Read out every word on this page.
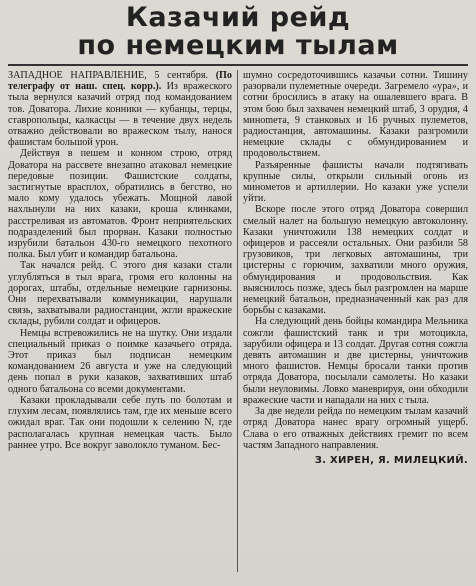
Казачий рейд
по немецким тылам

ЗАПАДНОЕ НАПРАВЛЕНИЕ, 5 сентября. (По телеграфу от наш. спец. корр.). Из вражеского тыла вернулся казачий отряд под командованием тов. Доватора. Лихие конники — кубанцы, терцы, ставропольцы, калкасцы — в течение двух недель отважно действовали во вражеском тылу, нанося фашистам большой урон.

Действуя в пешем и конном строю, отряд Доватора на рассвете внезапно атаковал немецкие передовые позиции. Фашистские солдаты, застигнутые врасплох, обратились в бегство, но мало кому удалось убежать. Мощной лавой нахлынули на них казаки, кроша клинками, расстреливая из автоматов. Фронт неприятельских подразделений был прорван. Казаки полностью изрубили батальон 430-го немецкого пехотного полка. Был убит и командир батальона.

Так начался рейд. С этого дня казаки стали углубляться в тыл врага, громя его колонны на дорогах, штабы, отдельные немецкие гарнизоны. Они перехватывали коммуникации, нарушали связь, захватывали радиостанции, жгли вражеские склады, рубили солдат и офицеров.

Немцы встревожились не на шутку. Они издали специальный приказ о поимке казачьего отряда. Этот приказ был подписан немецким командованием 26 августа и уже на следующий день попал в руки казаков, захвативших штаб одного батальона со всеми документами.

Казаки прокладывали себе путь по болотам и глухим лесам, появлялись там, где их меньше всего ожидал враг. Так они подошли к селению N, где располагалась крупная немецкая часть. Было раннее утро. Все вокруг заволокло туманом. Бес-

шумно сосредоточившись казачьи сотни. Тишину разорвали пулеметные очереди. Загремело «ура», и сотни бросились в атаку на ошалевшего врага. В этом бою был захвачен немецкий штаб, 3 орудия, 4 минomета, 9 станковых и 16 ручных пулеметов, радиостанция, автомашины. Казаки разгромили немецкие склады с обмундированием и продовольствием.

Разъяренные фашисты начали подтягивать крупные силы, открыли сильный огонь из минометов и артиллерии. Но казаки уже успели уйти.

Вскоре после этого отряд Доватора совершил смелый налет на большую немецкую автоколонну. Казаки уничтожили 138 немецких солдат и офицеров и рассеяли остальных. Они разбили 58 грузовиков, три легковых автомашины, три цистерны с горючим, захватили много оружия, обмундирования и продовольствия. Как выяснилось позже, здесь был разгромлен на марше немецкий батальон, предназначенный как раз для борьбы с казаками.

На следующий день бойцы командира Мельника сожгли фашистский танк и три мотоцикла, зарубили офицера и 13 солдат. Другая сотня сожгла девять автомашин и две цистерны, уничтожив много фашистов. Немцы бросали танки против отряда Доватора, посылали самолеты. Но казаки были неуловимы. Ловко маневрируя, они обходили вражеские части и нападали на них с тыла.

За две недели рейда по немецким тылам казачий отряд Доватора нанес врагу огромный ущерб. Слава о его отважных действиях гремит по всем частям Западного направления.

З. ХИРЕН, Я. МИЛЕЦКИЙ.
